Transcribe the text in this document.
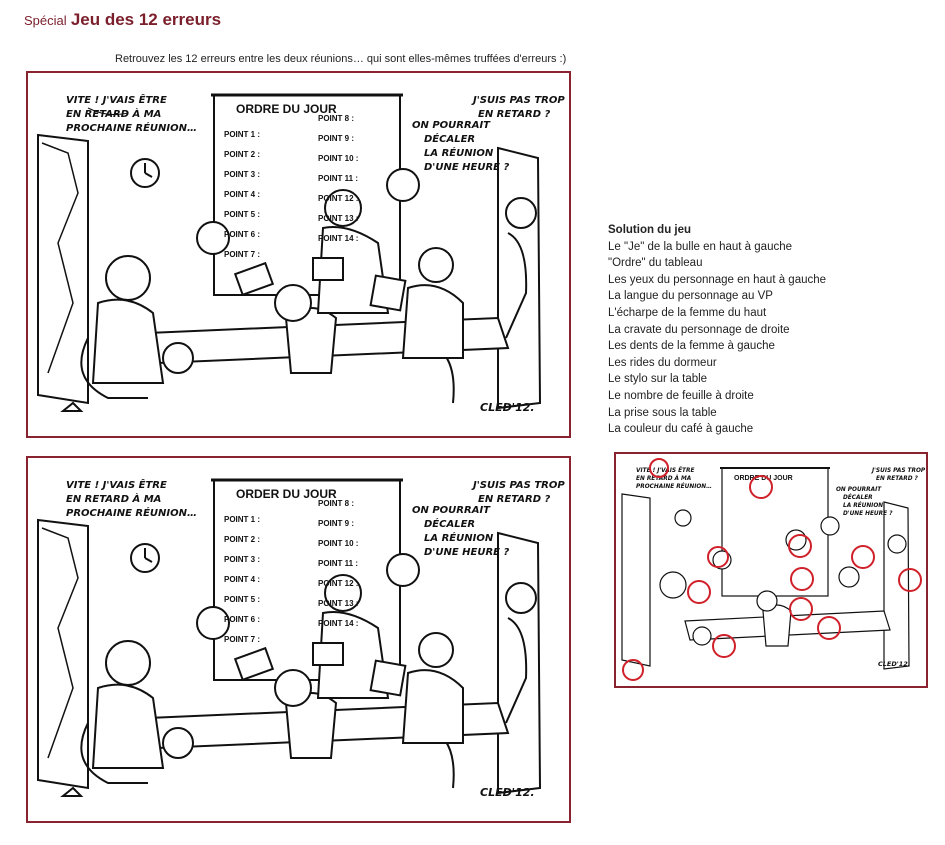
Spécial Jeu des 12 erreurs
Retrouvez les 12 erreurs entre les deux réunions… qui sont elles-mêmes truffées d'erreurs :)
VITE ! J'VAIS ÊTRE
EN RETARD À MA
PROCHAINE RÉUNION…
ORDRE DU JOUR
POINT 1 :
POINT 2 :
POINT 3 :
POINT 4 :
POINT 5 :
POINT 6 :
POINT 7 :
POINT 8 :
POINT 9 :
POINT 10 :
POINT 11 :
POINT 12 :
POINT 13 :
POINT 14 :
ON POURRAIT
DÉCALER
LA RÉUNION
D'UNE HEURE ?
J'SUIS PAS TROP
EN RETARD ?
CLED'12.
VITE ! J'VAIS ÊTRE
EN RETARD À MA
PROCHAINE RÉUNION…
ORDER DU JOUR
POINT 1 :
POINT 2 :
POINT 3 :
POINT 4 :
POINT 5 :
POINT 6 :
POINT 7 :
POINT 8 :
POINT 9 :
POINT 10 :
POINT 11 :
POINT 12 :
POINT 13 :
POINT 14 :
ON POURRAIT
DÉCALER
LA RÉUNION
D'UNE HEURE ?
J'SUIS PAS TROP
EN RETARD ?
CLED'12.
Solution du jeu
Le "Je" de la bulle en haut à gauche
"Ordre" du tableau
Les yeux du personnage en haut à gauche
La langue du personnage au VP
L'écharpe de la femme du haut
La cravate du personnage de droite
Les dents de la femme à gauche
Les rides du dormeur
Le stylo sur la table
Le nombre de feuille à droite
La prise sous la table
La couleur du café à gauche
VITE ! J'VAIS ÊTRE
EN RETARD À MA
PROCHAINE RÉUNION…
ORDRE DU JOUR
ON POURRAIT
DÉCALER
LA RÉUNION
D'UNE HEURE ?
J'SUIS PAS TROP
EN RETARD ?
CLED'12.
